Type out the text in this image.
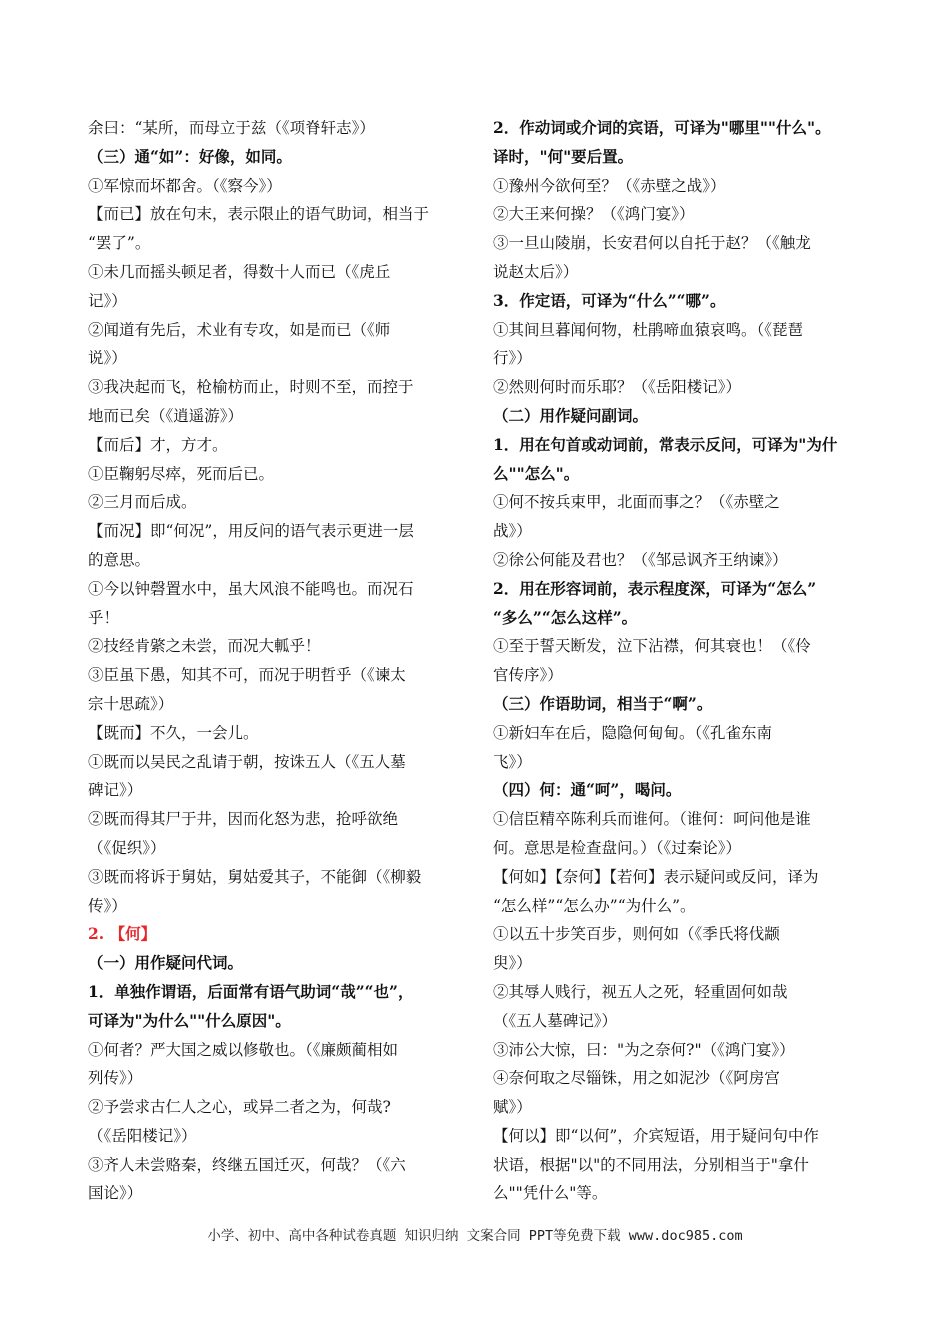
余曰：“某所，而母立于兹（《项脊轩志》）
（三）通“如”：好像，如同。
①军惊而坏都舍。（《察今》）
【而已】放在句末，表示限止的语气助词，相当于
“罢了”。
①未几而摇头顿足者，得数十人而已（《虎丘
记》）
②闻道有先后，术业有专攻，如是而已（《师
说》）
③我决起而飞，枪榆枋而止，时则不至，而控于
地而已矣（《逍遥游》）
【而后】才，方才。
①臣鞠躬尽瘁，死而后已。
②三月而后成。
【而况】即“何况”，用反问的语气表示更进一层
的意思。
①今以钟磬置水中，虽大风浪不能鸣也。而况石
乎！
②技经肯綮之未尝，而况大軱乎！
③臣虽下愚，知其不可，而况于明哲乎（《谏太
宗十思疏》）
【既而】不久，一会儿。
①既而以吴民之乱请于朝，按诛五人（《五人墓
碑记》）
②既而得其尸于井，因而化怒为悲，抢呼欲绝
（《促织》）
③既而将诉于舅姑，舅姑爱其子，不能御（《柳毅
传》）
2. 【何】
（一）用作疑问代词。
1．单独作谓语，后面常有语气助词“哉”“也”，
可译为"为什么""什么原因"。
①何者？严大国之威以修敬也。（《廉颇蔺相如
列传》）
②予尝求古仁人之心，或异二者之为，何哉?
（《岳阳楼记》）
③齐人未尝赂秦，终继五国迁灭，何哉？（《六
国论》）
2．作动词或介词的宾语，可译为"哪里""什么"。
译时，"何"要后置。
①豫州今欲何至？（《赤壁之战》）
②大王来何操？（《鸿门宴》）
③一旦山陵崩，长安君何以自托于赵？（《触龙
说赵太后》）
3．作定语，可译为“什么”“哪”。
①其间旦暮闻何物，杜鹃啼血猿哀鸣。（《琵琶
行》）
②然则何时而乐耶？（《岳阳楼记》）
（二）用作疑问副词。
1．用在句首或动词前，常表示反问，可译为"为什
么""怎么"。
①何不按兵束甲，北面而事之？（《赤壁之
战》）
②徐公何能及君也？（《邹忌讽齐王纳谏》）
2．用在形容词前，表示程度深，可译为“怎么”
“多么”“怎么这样”。
①至于誓天断发，泣下沾襟，何其衰也！（《伶
官传序》）
（三）作语助词，相当于“啊”。
①新妇车在后，隐隐何甸甸。（《孔雀东南
飞》）
（四）何：通“呵”，喝问。
①信臣精卒陈利兵而谁何。（谁何：呵问他是谁
何。意思是检查盘问。）（《过秦论》）
【何如】【奈何】【若何】表示疑问或反问，译为
“怎么样”“怎么办”“为什么”。
①以五十步笑百步，则何如（《季氏将伐颛
臾》）
②其辱人贱行，视五人之死，轻重固何如哉
（《五人墓碑记》）
③沛公大惊，曰："为之奈何?"（《鸿门宴》）
④奈何取之尽锱铢，用之如泥沙（《阿房宫
赋》）
【何以】即“以何”，介宾短语，用于疑问句中作
状语，根据"以"的不同用法，分别相当于"拿什
么""凭什么"等。
小学、初中、高中各种试卷真题 知识归纳 文案合同 PPT等免费下载 www.doc985.com
